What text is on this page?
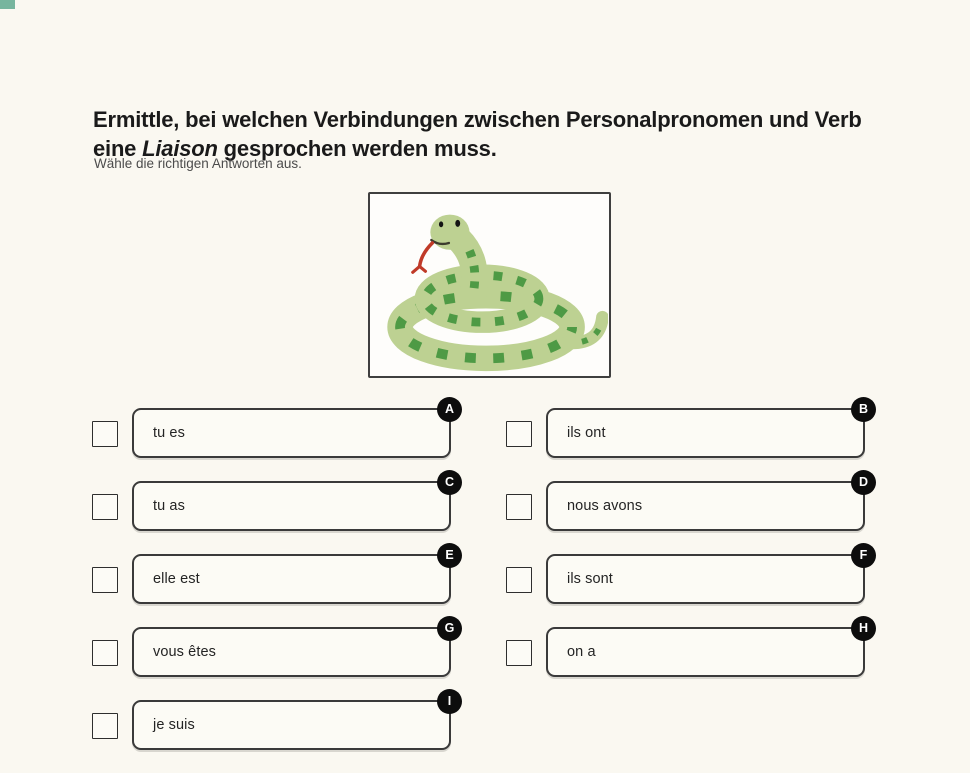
Ermittle, bei welchen Verbindungen zwischen Personalpronomen und Verb eine Liaison gesprochen werden muss.
Wähle die richtigen Antworten aus.
tu es
A
tu as
C
elle est
E
vous êtes
G
je suis
I
ils ont
B
nous avons
D
ils sont
F
on a
H
